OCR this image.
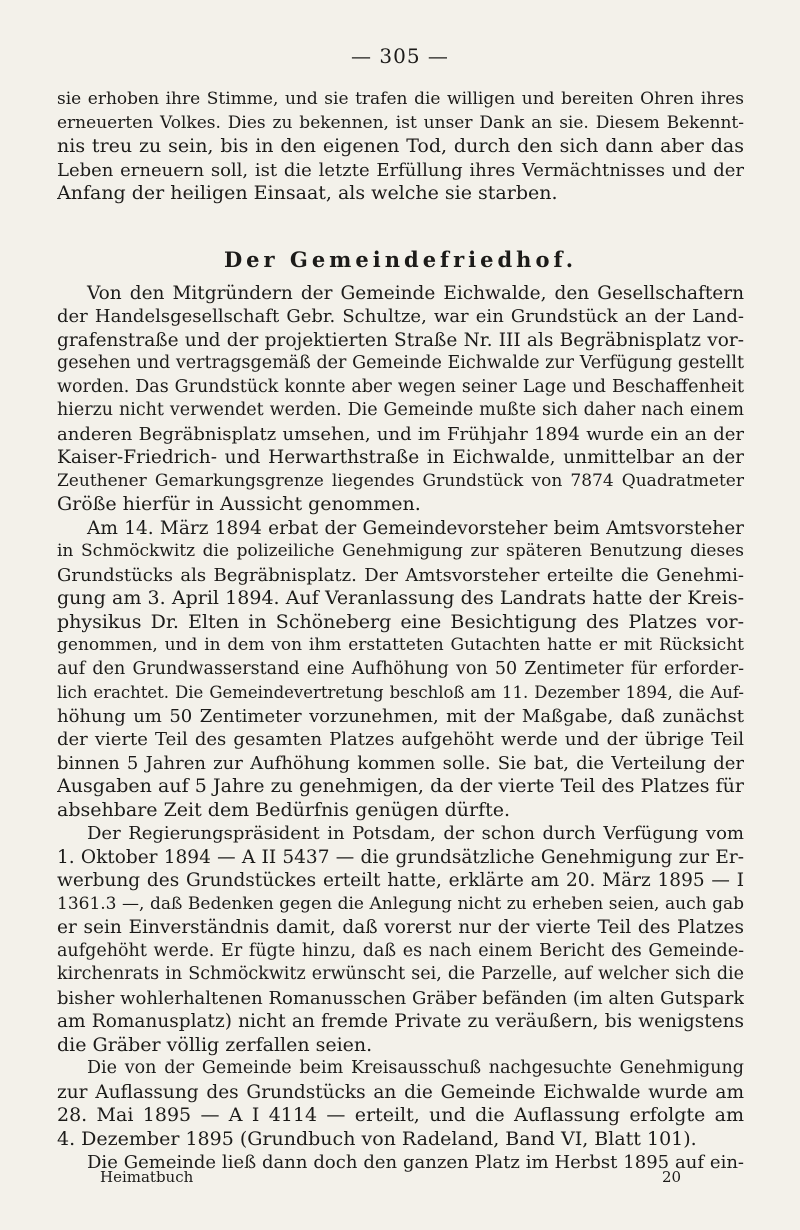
— 305 —
sie erhoben ihre Stimme, und sie trafen die willigen und bereiten Ohren ihres
erneuerten Volkes. Dies zu bekennen, ist unser Dank an sie. Diesem Bekennt-
nis treu zu sein, bis in den eigenen Tod, durch den sich dann aber das
Leben erneuern soll, ist die letzte Erfüllung ihres Vermächtnisses und der
Anfang der heiligen Einsaat, als welche sie starben.
Der Gemeindefriedhof.
Von den Mitgründern der Gemeinde Eichwalde, den Gesellschaftern
der Handelsgesellschaft Gebr. Schultze, war ein Grundstück an der Land-
grafenstraße und der projektierten Straße Nr. III als Begräbnisplatz vor-
gesehen und vertragsgemäß der Gemeinde Eichwalde zur Verfügung gestellt
worden. Das Grundstück konnte aber wegen seiner Lage und Beschaffenheit
hierzu nicht verwendet werden. Die Gemeinde mußte sich daher nach einem
anderen Begräbnisplatz umsehen, und im Frühjahr 1894 wurde ein an der
Kaiser-Friedrich- und Herwarthstraße in Eichwalde, unmittelbar an der
Zeuthener Gemarkungsgrenze liegendes Grundstück von 7874 Quadratmeter
Größe hierfür in Aussicht genommen.
Am 14. März 1894 erbat der Gemeindevorsteher beim Amtsvorsteher
in Schmöckwitz die polizeiliche Genehmigung zur späteren Benutzung dieses
Grundstücks als Begräbnisplatz. Der Amtsvorsteher erteilte die Genehmi-
gung am 3. April 1894. Auf Veranlassung des Landrats hatte der Kreis-
physikus Dr. Elten in Schöneberg eine Besichtigung des Platzes vor-
genommen, und in dem von ihm erstatteten Gutachten hatte er mit Rücksicht
auf den Grundwasserstand eine Aufhöhung von 50 Zentimeter für erforder-
lich erachtet. Die Gemeindevertretung beschloß am 11. Dezember 1894, die Auf-
höhung um 50 Zentimeter vorzunehmen, mit der Maßgabe, daß zunächst
der vierte Teil des gesamten Platzes aufgehöht werde und der übrige Teil
binnen 5 Jahren zur Aufhöhung kommen solle. Sie bat, die Verteilung der
Ausgaben auf 5 Jahre zu genehmigen, da der vierte Teil des Platzes für
absehbare Zeit dem Bedürfnis genügen dürfte.
Der Regierungspräsident in Potsdam, der schon durch Verfügung vom
1. Oktober 1894 — A II 5437 — die grundsätzliche Genehmigung zur Er-
werbung des Grundstückes erteilt hatte, erklärte am 20. März 1895 — I
1361.3 —, daß Bedenken gegen die Anlegung nicht zu erheben seien, auch gab
er sein Einverständnis damit, daß vorerst nur der vierte Teil des Platzes
aufgehöht werde. Er fügte hinzu, daß es nach einem Bericht des Gemeinde-
kirchenrats in Schmöckwitz erwünscht sei, die Parzelle, auf welcher sich die
bisher wohlerhaltenen Romanusschen Gräber befänden (im alten Gutspark
am Romanusplatz) nicht an fremde Private zu veräußern, bis wenigstens
die Gräber völlig zerfallen seien.
Die von der Gemeinde beim Kreisausschuß nachgesuchte Genehmigung
zur Auflassung des Grundstücks an die Gemeinde Eichwalde wurde am
28. Mai 1895 — A I 4114 — erteilt, und die Auflassung erfolgte am
4. Dezember 1895 (Grundbuch von Radeland, Band VI, Blatt 101).
Die Gemeinde ließ dann doch den ganzen Platz im Herbst 1895 auf ein-
Heimatbuch	20
